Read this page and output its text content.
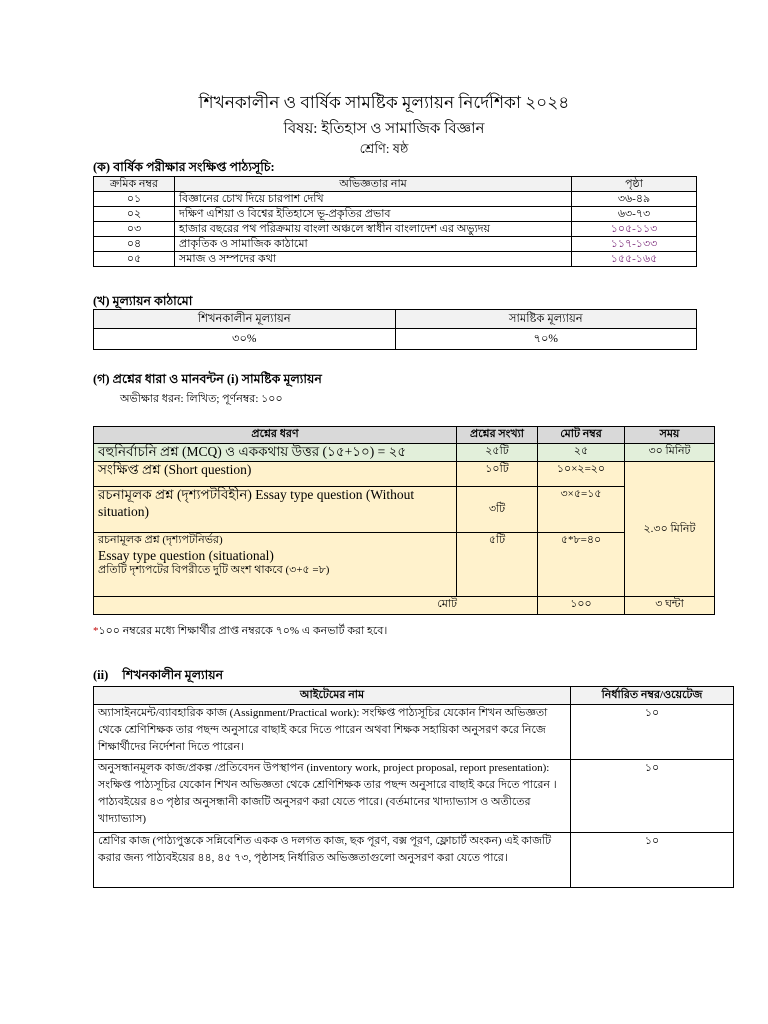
শিখনকালীন ও বার্ষিক সামষ্টিক মূল্যায়ন নির্দেশিকা ২০২৪
বিষয়: ইতিহাস ও সামাজিক বিজ্ঞান
শ্রেণি: ষষ্ঠ
(ক) বার্ষিক পরীক্ষার সংক্ষিপ্ত পাঠ্যসূচি:
ক্রমিক নম্বর	অভিজ্ঞতার নাম	পৃষ্ঠা
০১	বিজ্ঞানের চোখ দিয়ে চারপাশ দেখি	৩৬-৪৯
০২	দক্ষিণ এশিয়া ও বিশ্বের ইতিহাসে ভূ-প্রকৃতির প্রভাব	৬৩-৭৩
০৩	হাজার বছরের পথ পরিক্রমায় বাংলা অঞ্চলে স্বাধীন বাংলাদেশ এর অভ্যুদয়	১০৫-১১৩
০৪	প্রাকৃতিক ও সামাজিক কাঠামো	১১৭-১৩৩
০৫	সমাজ ও সম্পদের কথা	১৫৫-১৬৫
(খ) মূল্যায়ন কাঠামো
শিখনকালীন মূল্যায়ন	সামষ্টিক মূল্যায়ন
৩০%	৭০%
(গ) প্রশ্নের ধারা ও মানবন্টন (i) সামষ্টিক মূল্যায়ন
অভীক্ষার ধরন: লিখিত; পূর্ণনম্বর: ১০০
প্রশ্নের ধরণ	প্রশ্নের সংখ্যা	মোট নম্বর	সময়
বহুনির্বাচনি প্রশ্ন (MCQ) ও এককথায় উত্তর (১৫+১০) = ২৫	২৫টি	২৫	৩০ মিনিট
সংক্ষিপ্ত প্রশ্ন (Short question)	১০টি	১০×২=২০	২.৩০ মিনিট
রচনামূলক প্রশ্ন (দৃশ্যপটবিহীন) Essay type question (Without situation)	৩টি	৩×৫=১৫	

রচনামূলক প্রশ্ন (দৃশ্যপটনির্ভর)
Essay type question (situational)
প্রতিটি দৃশ্যপটের বিপরীতে দুটি অংশ থাকবে (৩+৫ =৮)	৫টি	৫*৮=৪০	
মোট		১০০	৩ ঘন্টা
*১০০ নম্বরের মধ্যে শিক্ষার্থীর প্রাপ্ত নম্বরকে ৭০% এ কনভার্ট করা হবে।
(ii) শিখনকালীন মূল্যায়ন
আইটেমের নাম	নির্ধারিত নম্বর/ওয়েটেজ
অ্যাসাইনমেন্ট/ব্যাবহারিক কাজ (Assignment/Practical work): সংক্ষিপ্ত পাঠ্যসূচির যেকোন শিখন অভিজ্ঞতা থেকে শ্রেণিশিক্ষক তার পছন্দ অনুসারে বাছাই করে দিতে পারেন অথবা শিক্ষক সহায়িকা অনুসরণ করে নিজে শিক্ষার্থীদের নির্দেশনা দিতে পারেন।	১০
অনুসন্ধানমূলক কাজ/প্রকল্প /প্রতিবেদন উপস্থাপন (inventory work, project proposal, report presentation): সংক্ষিপ্ত পাঠ্যসূচির যেকোন শিখন অভিজ্ঞতা থেকে শ্রেণিশিক্ষক তার পছন্দ অনুসারে বাছাই করে দিতে পারেন । পাঠ্যবইয়ের ৪৩ পৃষ্ঠার অনুসন্ধানী কাজটি অনুসরণ করা যেতে পারে। (বর্তমানের খাদ্যাভ্যাস ও অতীতের খাদ্যাভ্যাস)	১০
শ্রেণির কাজ (পাঠ্যপুস্তকে সন্নিবেশিত একক ও দলগত কাজ, ছক পূরণ, বক্স পূরণ, ফ্লোচার্ট অংকন) এই কাজটি করার জন্য পাঠ্যবইয়ের ৪৪, ৪৫ ৭৩, পৃষ্ঠাসহ নির্ধারিত অভিজ্ঞতাগুলো অনুসরণ করা যেতে পারে।	১০
